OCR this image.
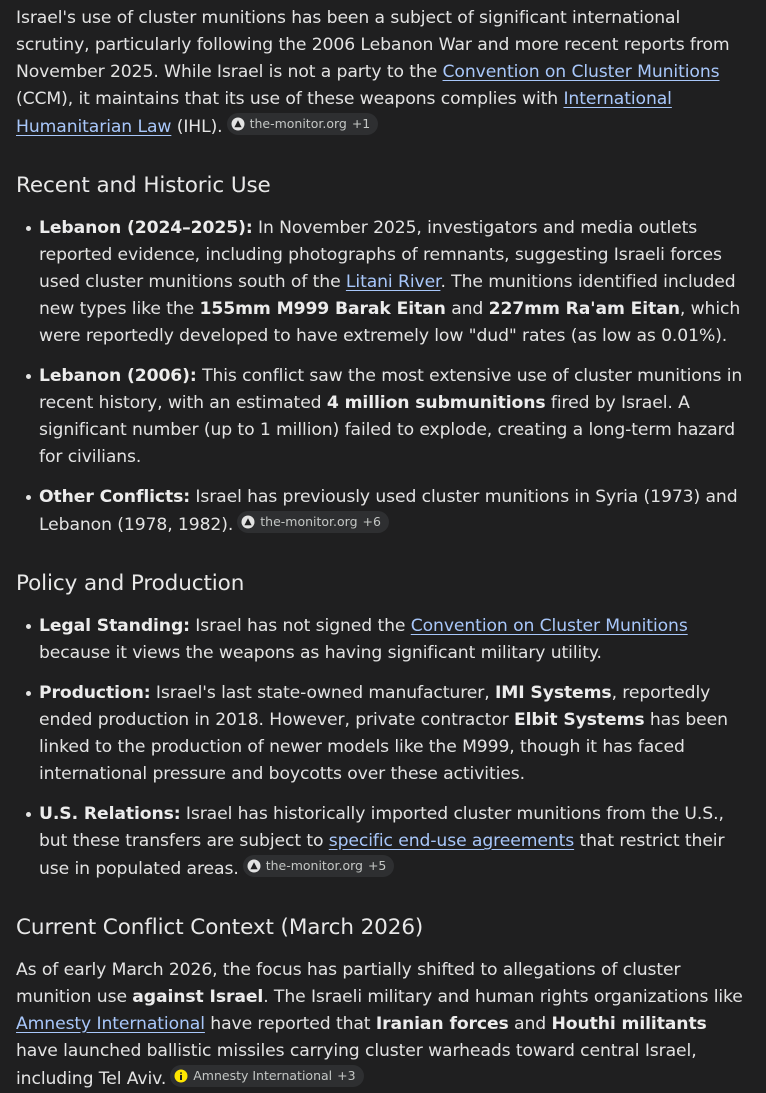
Israel's use of cluster munitions has been a subject of significant international scrutiny, particularly following the 2006 Lebanon War and more recent reports from November 2025. While Israel is not a party to the Convention on Cluster Munitions (CCM), it maintains that its use of these weapons complies with International Humanitarian Law (IHL). the-monitor.org +1

Recent and Historic Use
Lebanon (2024–2025): In November 2025, investigators and media outlets reported evidence, including photographs of remnants, suggesting Israeli forces used cluster munitions south of the Litani River. The munitions identified included new types like the 155mm M999 Barak Eitan and 227mm Ra'am Eitan, which were reportedly developed to have extremely low "dud" rates (as low as 0.01%).
Lebanon (2006): This conflict saw the most extensive use of cluster munitions in recent history, with an estimated 4 million submunitions fired by Israel. A significant number (up to 1 million) failed to explode, creating a long-term hazard for civilians.
Other Conflicts: Israel has previously used cluster munitions in Syria (1973) and Lebanon (1978, 1982). the-monitor.org +6
Policy and Production
Legal Standing: Israel has not signed the Convention on Cluster Munitions because it views the weapons as having significant military utility.
Production: Israel's last state-owned manufacturer, IMI Systems, reportedly ended production in 2018. However, private contractor Elbit Systems has been linked to the production of newer models like the M999, though it has faced international pressure and boycotts over these activities.
U.S. Relations: Israel has historically imported cluster munitions from the U.S., but these transfers are subject to specific end-use agreements that restrict their use in populated areas. the-monitor.org +5
Current Conflict Context (March 2026)

As of early March 2026, the focus has partially shifted to allegations of cluster munition use against Israel. The Israeli military and human rights organizations like Amnesty International have reported that Iranian forces and Houthi militants have launched ballistic missiles carrying cluster warheads toward central Israel, including Tel Aviv. Amnesty International +3
